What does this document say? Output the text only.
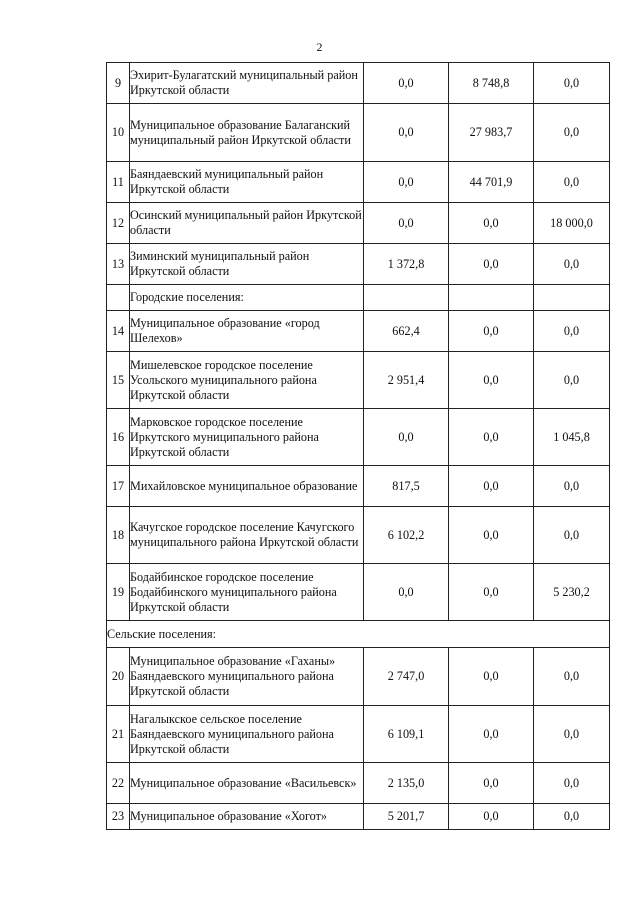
2
9	Эхирит-Булагатский муниципальный район Иркутской области	0,0	8 748,8	0,0
10	Муниципальное образование Балаганский муниципальный район Иркутской области	0,0	27 983,7	0,0
11	Баяндаевский муниципальный район Иркутской области	0,0	44 701,9	0,0
12	Осинский муниципальный район Иркутской области	0,0	0,0	18 000,0
13	Зиминский муниципальный район Иркутской области	1 372,8	0,0	0,0
	Городские поселения:			
14	Муниципальное образование «город Шелехов»	662,4	0,0	0,0
15	Мишелевское городское поселение Усольского муниципального района Иркутской области	2 951,4	0,0	0,0
16	Марковское городское поселение Иркутского муниципального района Иркутской области	0,0	0,0	1 045,8
17	Михайловское муниципальное образование	817,5	0,0	0,0
18	Качугское городское поселение Качугского муниципального района Иркутской области	6 102,2	0,0	0,0
19	Бодайбинское городское поселение Бодайбинского муниципального района Иркутской области	0,0	0,0	5 230,2
Сельские поселения:				
20	Муниципальное образование «Гаханы» Баяндаевского муниципального района Иркутской области	2 747,0	0,0	0,0
21	Нагалыкское сельское поселение Баяндаевского муниципального района Иркутской области	6 109,1	0,0	0,0
22	Муниципальное образование «Васильевск»	2 135,0	0,0	0,0
23	Муниципальное образование «Хогот»	5 201,7	0,0	0,0
